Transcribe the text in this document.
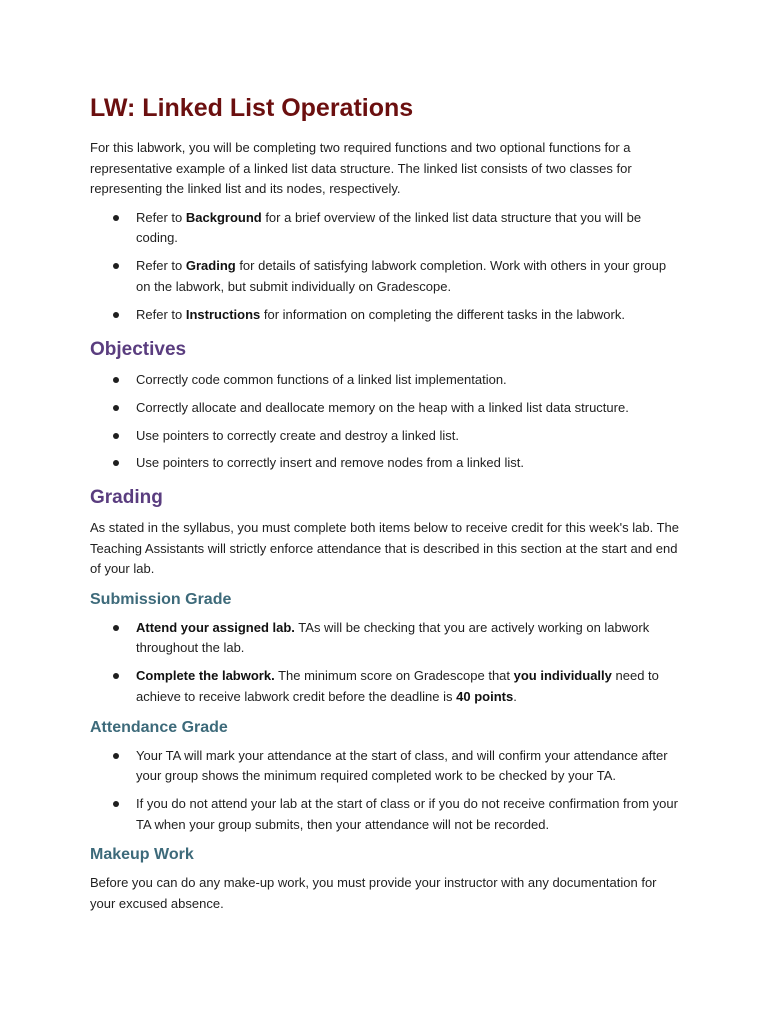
LW: Linked List Operations

For this labwork, you will be completing two required functions and two optional functions for a representative example of a linked list data structure. The linked list consists of two classes for representing the linked list and its nodes, respectively.

Refer to Background for a brief overview of the linked list data structure that you will be coding.
Refer to Grading for details of satisfying labwork completion. Work with others in your group on the labwork, but submit individually on Gradescope.
Refer to Instructions for information on completing the different tasks in the labwork.
Objectives
Correctly code common functions of a linked list implementation.
Correctly allocate and deallocate memory on the heap with a linked list data structure.
Use pointers to correctly create and destroy a linked list.
Use pointers to correctly insert and remove nodes from a linked list.
Grading

As stated in the syllabus, you must complete both items below to receive credit for this week's lab. The Teaching Assistants will strictly enforce attendance that is described in this section at the start and end of your lab.

Submission Grade
Attend your assigned lab. TAs will be checking that you are actively working on labwork throughout the lab.
Complete the labwork. The minimum score on Gradescope that you individually need to achieve to receive labwork credit before the deadline is 40 points.
Attendance Grade
Your TA will mark your attendance at the start of class, and will confirm your attendance after your group shows the minimum required completed work to be checked by your TA.
If you do not attend your lab at the start of class or if you do not receive confirmation from your TA when your group submits, then your attendance will not be recorded.
Makeup Work

Before you can do any make-up work, you must provide your instructor with any documentation for your excused absence.
